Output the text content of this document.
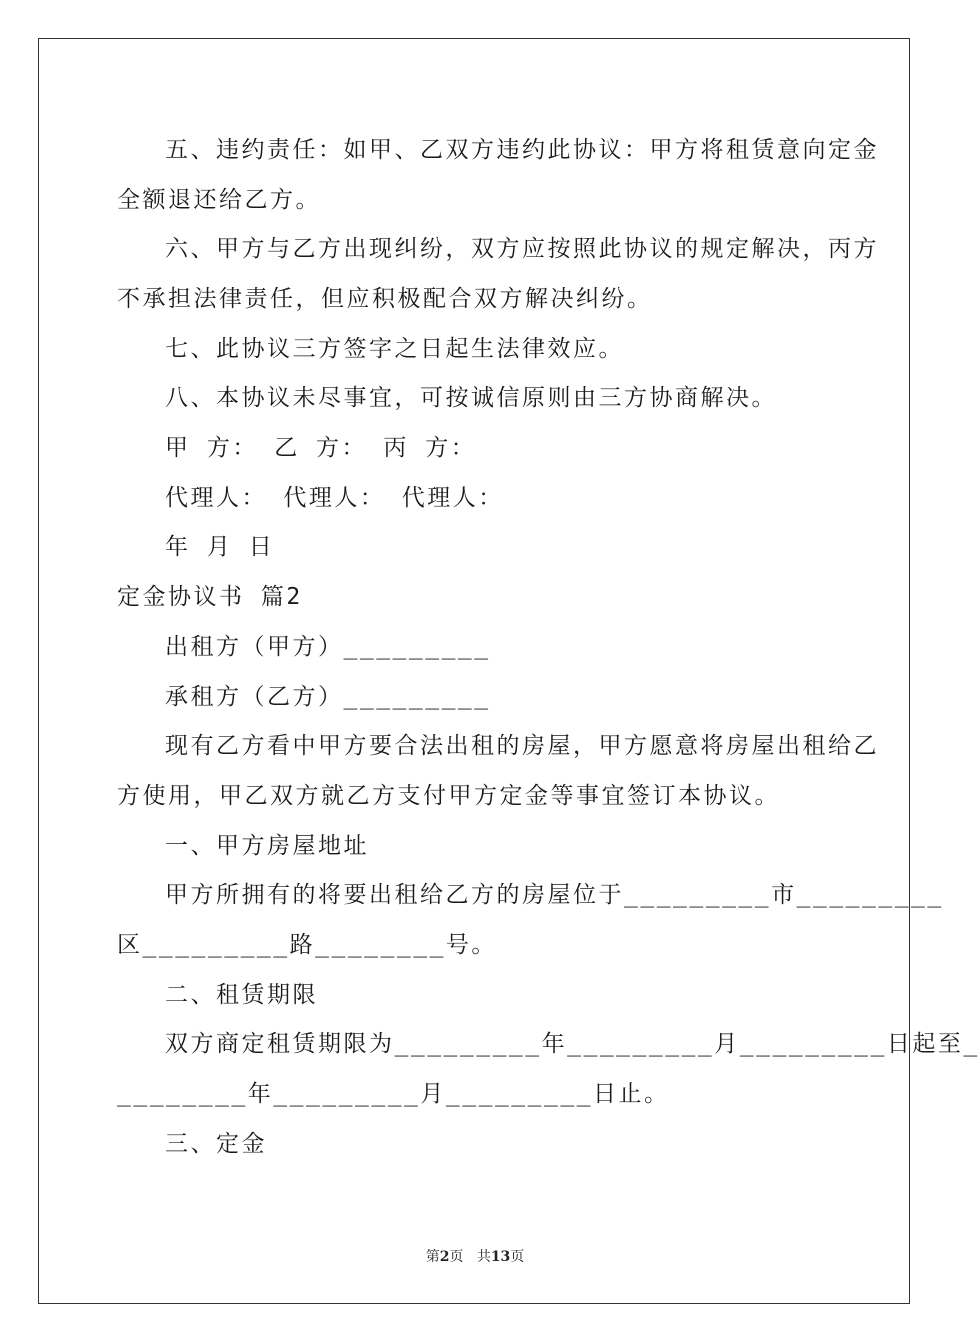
五、违约责任：如甲、乙双方违约此协议：甲方将租赁意向定金
全额退还给乙方。
六、甲方与乙方出现纠纷，双方应按照此协议的规定解决，丙方
不承担法律责任，但应积极配合双方解决纠纷。
七、此协议三方签字之日起生法律效应。
八、本协议未尽事宜，可按诚信原则由三方协商解决。
甲 方： 乙 方： 丙 方：
代理人： 代理人： 代理人：
年 月 日
定金协议书 篇2
出租方（甲方）_________
承租方（乙方）_________
现有乙方看中甲方要合法出租的房屋，甲方愿意将房屋出租给乙
方使用，甲乙双方就乙方支付甲方定金等事宜签订本协议。
一、甲方房屋地址
甲方所拥有的将要出租给乙方的房屋位于_________市_________
区_________路________号。
二、租赁期限
双方商定租赁期限为_________年_________月_________日起至_
________年_________月_________日止。
三、定金
第2页 共13页
